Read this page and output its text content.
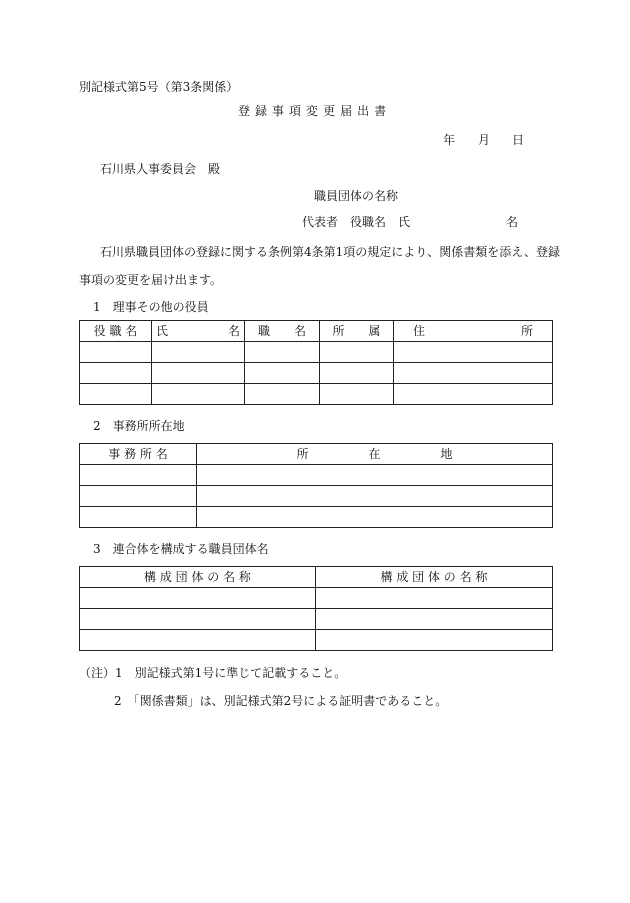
別記様式第5号（第3条関係）
登 録 事 項 変 更 届 出 書
年 月 日
石川県人事委員会　殿
職員団体の名称
代表者　役職名　氏　　　　　　　　名
石川県職員団体の登録に関する条例第4条第1項の規定により、関係書類を添え、登録
事項の変更を届け出ます。
1　理事その他の役員
役 職 名	氏　　　　　名	職　　名	所　　属	住　　　　　　　　所

2　事務所所在地
事 務 所 名	所　　　　　在　　　　　地

3　連合体を構成する職員団体名
構 成 団 体 の 名 称	構 成 団 体 の 名 称

（注）1　別記様式第1号に準じて記載すること。
2　「関係書類」は、別記様式第2号による証明書であること。
